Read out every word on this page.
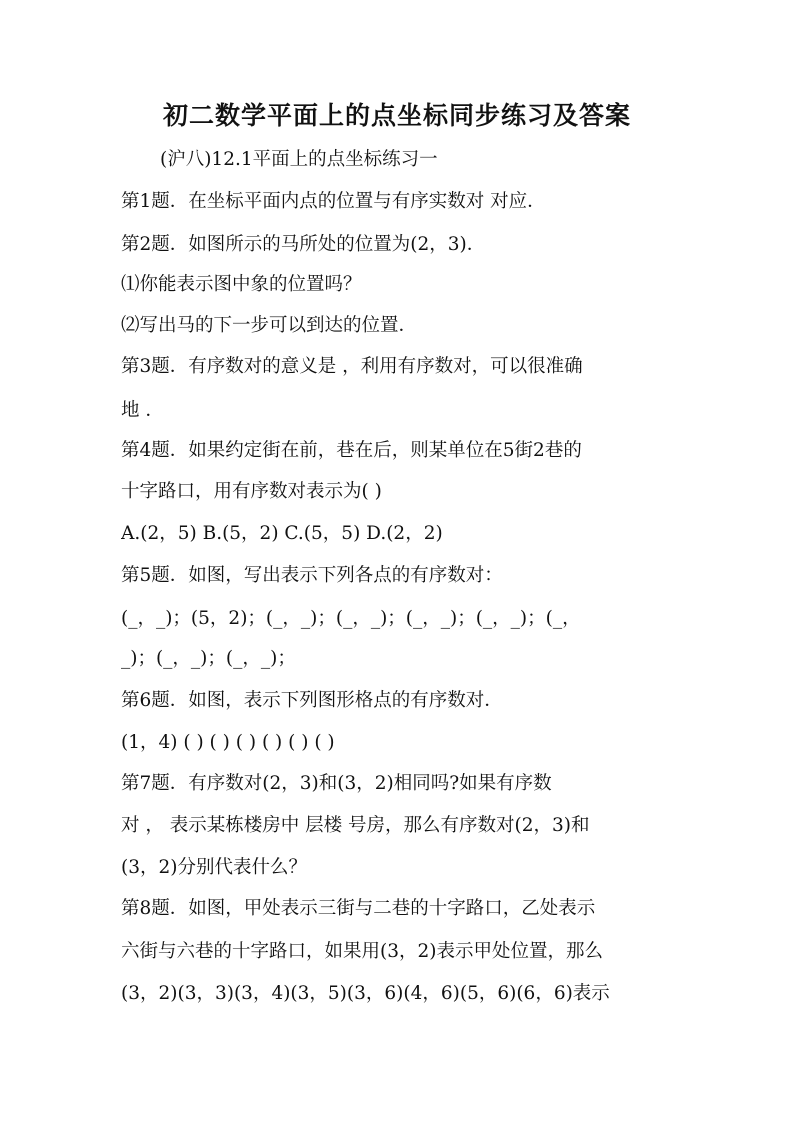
初二数学平面上的点坐标同步练习及答案
(沪八)12.1平面上的点坐标练习一
第1题．在坐标平面内点的位置与有序实数对 对应．
第2题．如图所示的马所处的位置为(2，3)．
⑴你能表示图中象的位置吗？
⑵写出马的下一步可以到达的位置．
第3题．有序数对的意义是 ，利用有序数对，可以很准确
地 ．
第4题．如果约定街在前，巷在后，则某单位在5街2巷的
十字路口，用有序数对表示为( )
A.(2，5) B.(5，2) C.(5，5) D.(2，2)
第5题．如图，写出表示下列各点的有序数对：
(_，_)；(5，2)；(_，_)；(_，_)；(_，_)；(_，_)；(_，
_)；(_，_)；(_，_)；
第6题．如图，表示下列图形格点的有序数对．
(1，4) ( ) ( ) ( ) ( ) ( ) ( )
第7题．有序数对(2，3)和(3，2)相同吗?如果有序数
对 ， 表示某栋楼房中 层楼 号房，那么有序数对(2，3)和
(3，2)分别代表什么？
第8题．如图，甲处表示三街与二巷的十字路口，乙处表示
六街与六巷的十字路口，如果用(3，2)表示甲处位置，那么
(3，2)(3，3)(3，4)(3，5)(3，6)(4，6)(5，6)(6，6)表示
